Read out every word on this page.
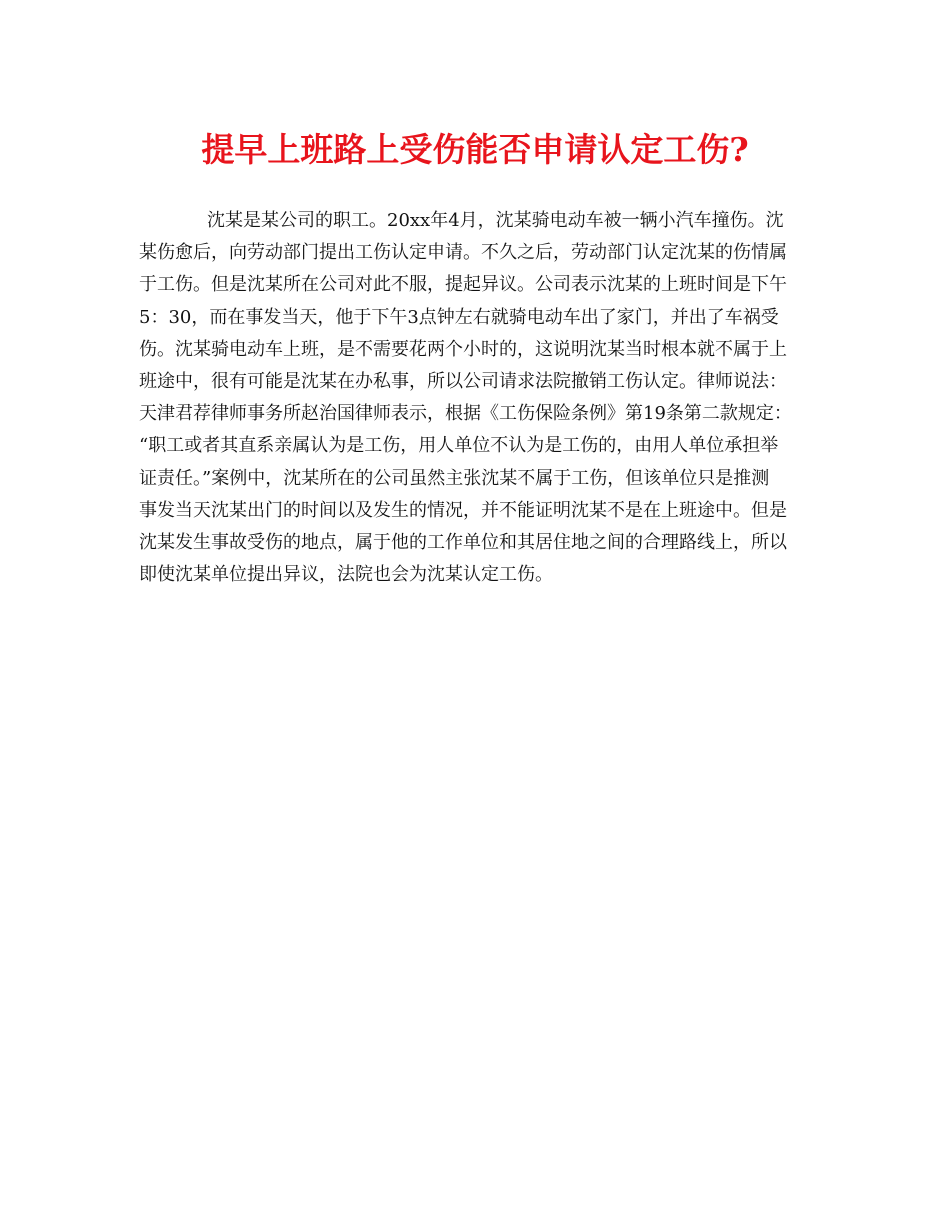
提早上班路上受伤能否申请认定工伤?
沈某是某公司的职工。20xx年4月，沈某骑电动车被一辆小汽车撞伤。沈
某伤愈后，向劳动部门提出工伤认定申请。不久之后，劳动部门认定沈某的伤情属
于工伤。但是沈某所在公司对此不服，提起异议。公司表示沈某的上班时间是下午
5：30，而在事发当天，他于下午3点钟左右就骑电动车出了家门，并出了车祸受
伤。沈某骑电动车上班，是不需要花两个小时的，这说明沈某当时根本就不属于上
班途中，很有可能是沈某在办私事，所以公司请求法院撤销工伤认定。律师说法：
天津君荐律师事务所赵治国律师表示，根据《工伤保险条例》第19条第二款规定：
“职工或者其直系亲属认为是工伤，用人单位不认为是工伤的，由用人单位承担举
证责任。”案例中，沈某所在的公司虽然主张沈某不属于工伤，但该单位只是推测
事发当天沈某出门的时间以及发生的情况，并不能证明沈某不是在上班途中。但是
沈某发生事故受伤的地点，属于他的工作单位和其居住地之间的合理路线上，所以
即使沈某单位提出异议，法院也会为沈某认定工伤。
